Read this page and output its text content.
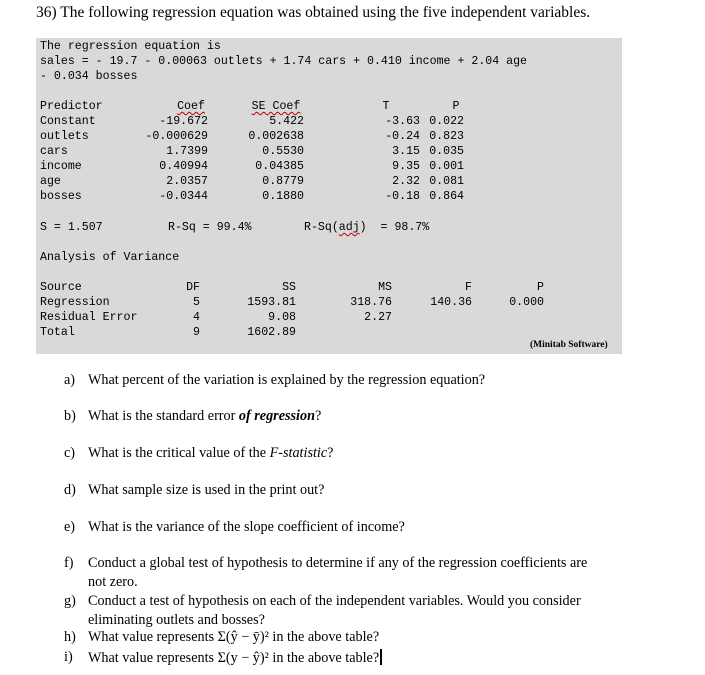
36) The following regression equation was obtained using the five independent variables.
The regression equation is
sales = - 19.7 - 0.00063 outlets + 1.74 cars + 0.410 income + 2.04 age
- 0.034 bosses
Predictor	Coef	SE Coef	T	P
Constant	-19.672	5.422	-3.63 0.022
outlets	-0.000629	0.002638	-0.24 0.823
cars	1.7399	0.5530	3.15 0.035
income	0.40994	0.04385	9.35 0.001
age	2.0357	0.8779	2.32 0.081
bosses	-0.0344	0.1880	-0.18 0.864
S = 1.507	R-Sq = 99.4%	R-Sq(adj)  = 98.7%
Analysis of Variance
Source	DF	SS	MS	F	P
Regression	5	1593.81	318.76	140.36	0.000
Residual Error	4	9.08	2.27
Total	9	1602.89
(Minitab Software)
a) What percent of the variation is explained by the regression equation?
b) What is the standard error of regression?
c) What is the critical value of the F-statistic?
d) What sample size is used in the print out?
e) What is the variance of the slope coefficient of income?
f) Conduct a global test of hypothesis to determine if any of the regression coefficients are
not zero.
g) Conduct a test of hypothesis on each of the independent variables. Would you consider
eliminating outlets and bosses?
h) What value represents Σ(ŷ − ȳ)² in the above table?
i) What value represents Σ(y − ŷ)² in the above table?
